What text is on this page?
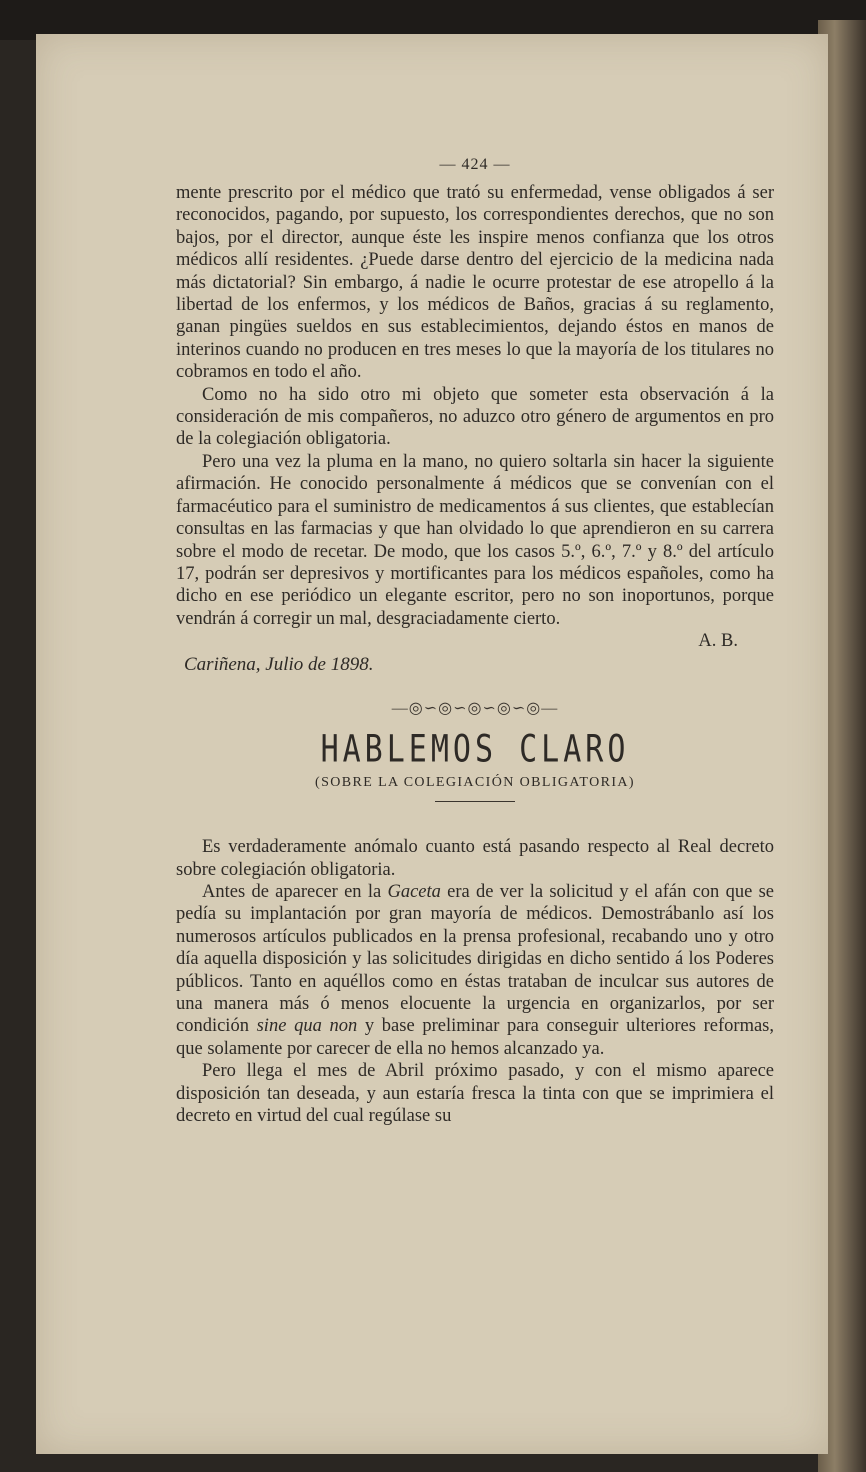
— 424 —

mente prescrito por el médico que trató su enfermedad, vense obligados á ser reconocidos, pagando, por supuesto, los correspondientes derechos, que no son bajos, por el director, aunque éste les inspire menos confianza que los otros médicos allí residentes. ¿Puede darse dentro del ejercicio de la medicina nada más dictatorial? Sin embargo, á nadie le ocurre protestar de ese atropello á la libertad de los enfermos, y los médicos de Baños, gracias á su reglamento, ganan pingües sueldos en sus establecimientos, dejando éstos en manos de interinos cuando no producen en tres meses lo que la mayoría de los titulares no cobramos en todo el año.

Como no ha sido otro mi objeto que someter esta observación á la consideración de mis compañeros, no aduzco otro género de argumentos en pro de la colegiación obligatoria.

Pero una vez la pluma en la mano, no quiero soltarla sin hacer la siguiente afirmación. He conocido personalmente á médicos que se convenían con el farmacéutico para el suministro de medicamentos á sus clientes, que establecían consultas en las farmacias y que han olvidado lo que aprendieron en su carrera sobre el modo de recetar. De modo, que los casos 5.º, 6.º, 7.º y 8.º del artículo 17, podrán ser depresivos y mortificantes para los médicos españoles, como ha dicho en ese periódico un elegante escritor, pero no son inoportunos, porque vendrán á corregir un mal, desgraciadamente cierto.

A. B.
Cariñena, Julio de 1898.
—◎∽◎∽◎∽◎∽◎—
HABLEMOS CLARO
(SOBRE LA COLEGIACIÓN OBLIGATORIA)

Es verdaderamente anómalo cuanto está pasando respecto al Real decreto sobre colegiación obligatoria.

Antes de aparecer en la Gaceta era de ver la solicitud y el afán con que se pedía su implantación por gran mayoría de médicos. Demostrábanlo así los numerosos artículos publicados en la prensa profesional, recabando uno y otro día aquella disposición y las solicitudes dirigidas en dicho sentido á los Poderes públicos. Tanto en aquéllos como en éstas trataban de inculcar sus autores de una manera más ó menos elocuente la urgencia en organizarlos, por ser condición sine qua non y base preliminar para conseguir ulteriores reformas, que solamente por carecer de ella no hemos alcanzado ya.

Pero llega el mes de Abril próximo pasado, y con el mismo aparece disposición tan deseada, y aun estaría fresca la tinta con que se imprimiera el decreto en virtud del cual regúlase su
